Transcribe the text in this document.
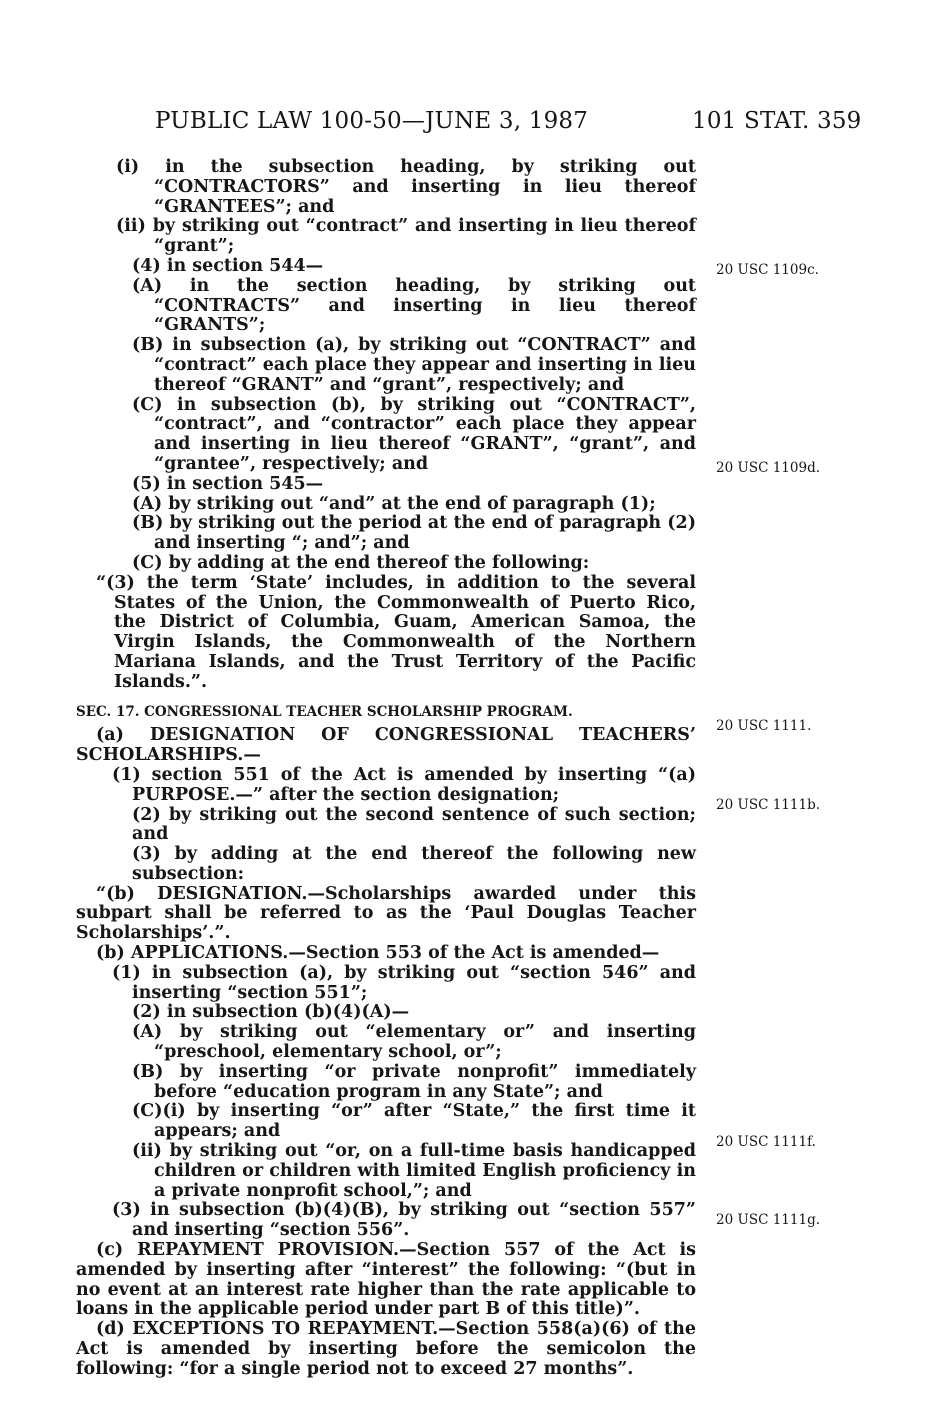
PUBLIC LAW 100-50—JUNE 3, 1987	101 STAT. 359

(i) in the subsection heading, by striking out “CONTRACTORS” and inserting in lieu thereof “GRANTEES”; and

(ii) by striking out “contract” and inserting in lieu thereof “grant”;

(4) in section 544—

(A) in the section heading, by striking out “CONTRACTS” and inserting in lieu thereof “GRANTS”;

(B) in subsection (a), by striking out “CONTRACT” and “contract” each place they appear and inserting in lieu thereof “GRANT” and “grant”, respectively; and

(C) in subsection (b), by striking out “CONTRACT”, “contract”, and “contractor” each place they appear and inserting in lieu thereof “GRANT”, “grant”, and “grantee”, respectively; and

(5) in section 545—

(A) by striking out “and” at the end of paragraph (1);

(B) by striking out the period at the end of paragraph (2) and inserting “; and”; and

(C) by adding at the end thereof the following:

“(3) the term ‘State’ includes, in addition to the several States of the Union, the Commonwealth of Puerto Rico, the District of Columbia, Guam, American Samoa, the Virgin Islands, the Commonwealth of the Northern Mariana Islands, and the Trust Territory of the Pacific Islands.”.

SEC. 17. CONGRESSIONAL TEACHER SCHOLARSHIP PROGRAM.

(a) DESIGNATION OF CONGRESSIONAL TEACHERS’ SCHOLARSHIPS.—

(1) section 551 of the Act is amended by inserting “(a) PURPOSE.—” after the section designation;

(2) by striking out the second sentence of such section; and

(3) by adding at the end thereof the following new subsection:

“(b) DESIGNATION.—Scholarships awarded under this subpart shall be referred to as the ‘Paul Douglas Teacher Scholarships’.”.

(b) APPLICATIONS.—Section 553 of the Act is amended—

(1) in subsection (a), by striking out “section 546” and inserting “section 551”;

(2) in subsection (b)(4)(A)—

(A) by striking out “elementary or” and inserting “preschool, elementary school, or”;

(B) by inserting “or private nonprofit” immediately before “education program in any State”; and

(C)(i) by inserting “or” after “State,” the first time it appears; and

(ii) by striking out “or, on a full-time basis handicapped children or children with limited English proficiency in a private nonprofit school,”; and

(3) in subsection (b)(4)(B), by striking out “section 557” and inserting “section 556”.

(c) REPAYMENT PROVISION.—Section 557 of the Act is amended by inserting after “interest” the following: “(but in no event at an interest rate higher than the rate applicable to loans in the applicable period under part B of this title)”.

(d) EXCEPTIONS TO REPAYMENT.—Section 558(a)(6) of the Act is amended by inserting before the semicolon the following: “for a single period not to exceed 27 months”.

20 USC 1109c.
20 USC 1109d.
20 USC 1111.
20 USC 1111b.
20 USC 1111f.
20 USC 1111g.
